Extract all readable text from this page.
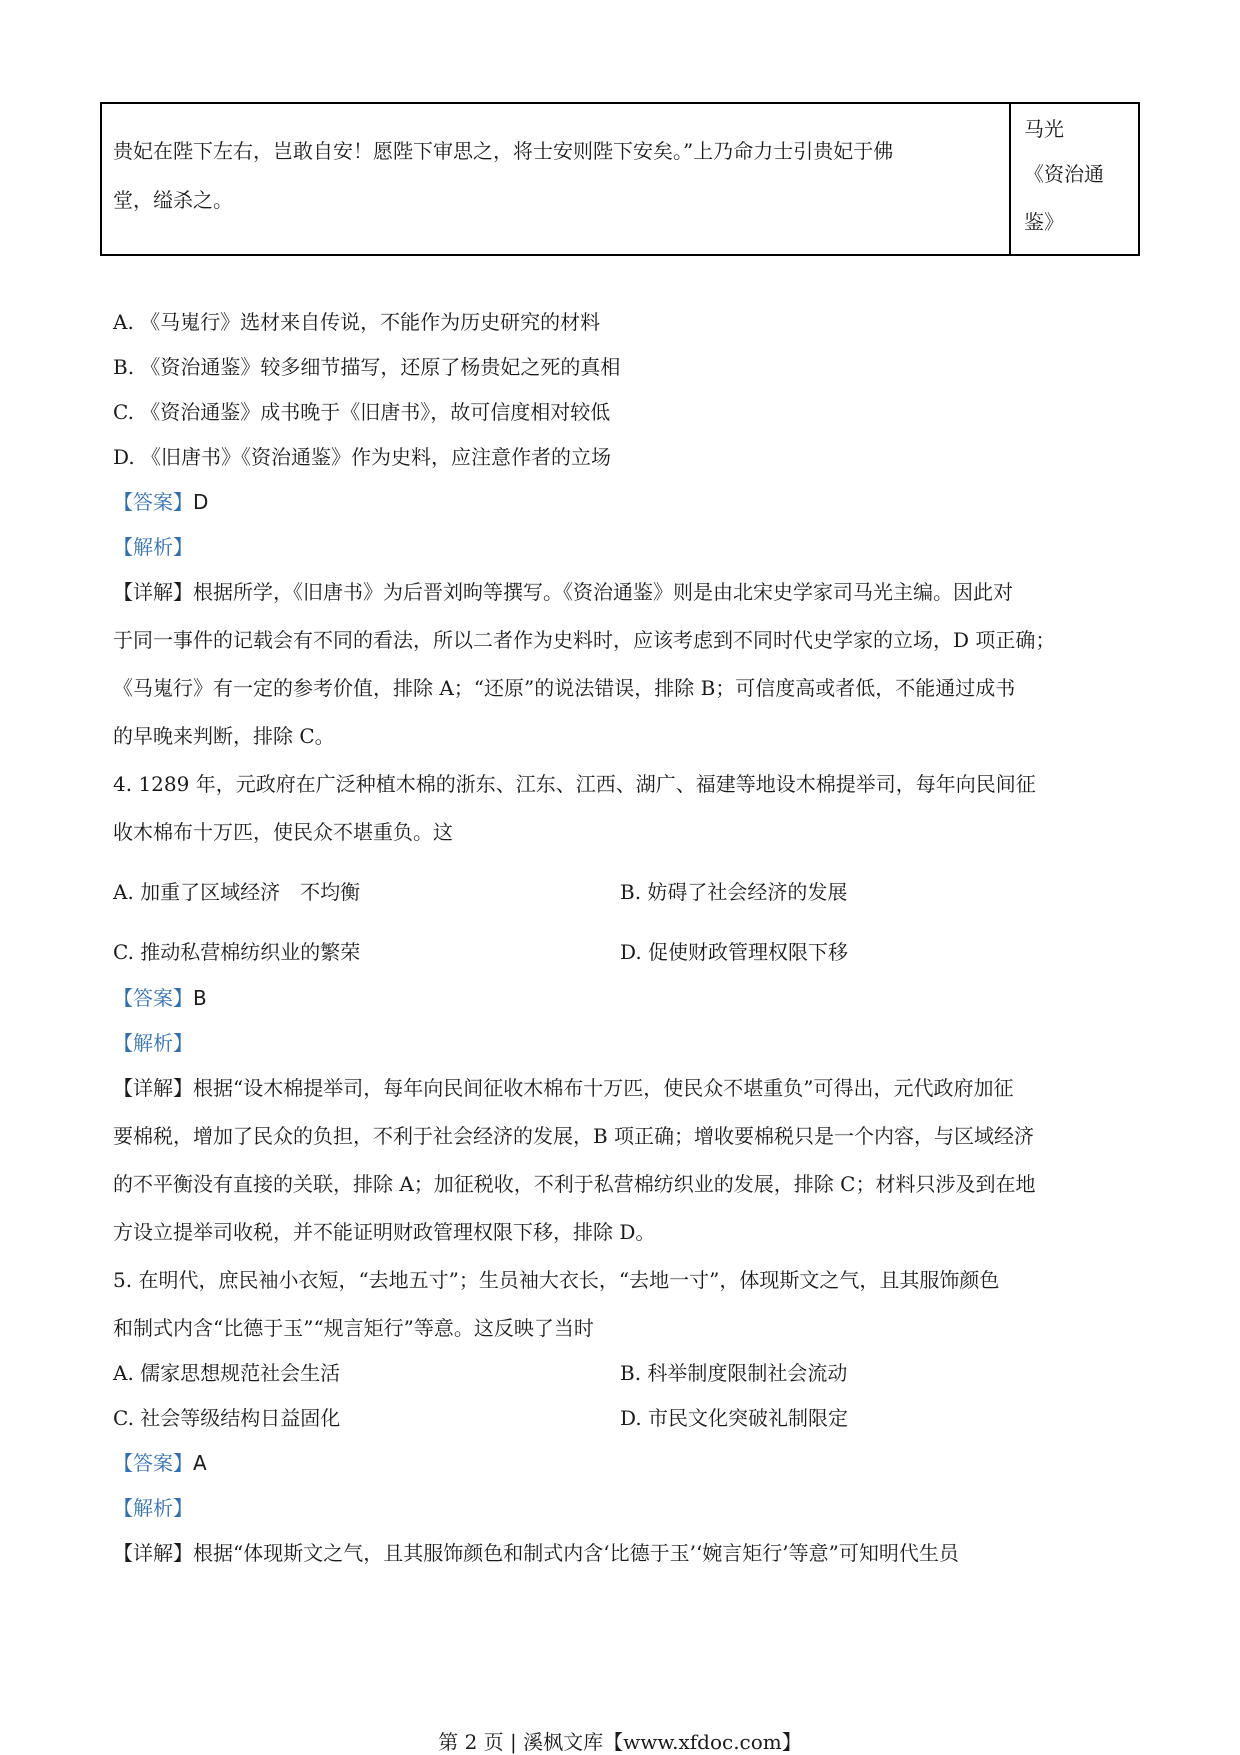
贵妃在陛下左右，岂敢自安！愿陛下审思之，将士安则陛下安矣。”上乃命力士引贵妃于佛
堂，缢杀之。
马光
《资治通
鉴》
A. 《马嵬行》选材来自传说，不能作为历史研究的材料
B. 《资治通鉴》较多细节描写，还原了杨贵妃之死的真相
C. 《资治通鉴》成书晚于《旧唐书》，故可信度相对较低
D. 《旧唐书》《资治通鉴》作为史料，应注意作者的立场
【答案】D
【解析】
【详解】根据所学，《旧唐书》为后晋刘昫等撰写。《资治通鉴》则是由北宋史学家司马光主编。因此对
于同一事件的记载会有不同的看法，所以二者作为史料时，应该考虑到不同时代史学家的立场，D 项正确；
《马嵬行》有一定的参考价值，排除 A；“还原”的说法错误，排除 B；可信度高或者低，不能通过成书
的早晚来判断，排除 C。
4. 1289 年，元政府在广泛种植木棉的浙东、江东、江西、湖广、福建等地设木棉提举司，每年向民间征
收木棉布十万匹，使民众不堪重负。这
A. 加重了区域经济　不均衡	B. 妨碍了社会经济的发展
C. 推动私营棉纺织业的繁荣	D. 促使财政管理权限下移
【答案】B
【解析】
【详解】根据“设木棉提举司，每年向民间征收木棉布十万匹，使民众不堪重负”可得出，元代政府加征
要棉税，增加了民众的负担，不利于社会经济的发展，B 项正确；增收要棉税只是一个内容，与区域经济
的不平衡没有直接的关联，排除 A；加征税收，不利于私营棉纺织业的发展，排除 C；材料只涉及到在地
方设立提举司收税，并不能证明财政管理权限下移，排除 D。
5. 在明代，庶民袖小衣短，“去地五寸”；生员袖大衣长，“去地一寸”，体现斯文之气，且其服饰颜色
和制式内含“比德于玉”“规言矩行”等意。这反映了当时
A. 儒家思想规范社会生活	B. 科举制度限制社会流动
C. 社会等级结构日益固化	D. 市民文化突破礼制限定
【答案】A
【解析】
【详解】根据“体现斯文之气，且其服饰颜色和制式内含‘比德于玉’‘婉言矩行’等意”可知明代生员
第 2 页 | 溪枫文库【www.xfdoc.com】
